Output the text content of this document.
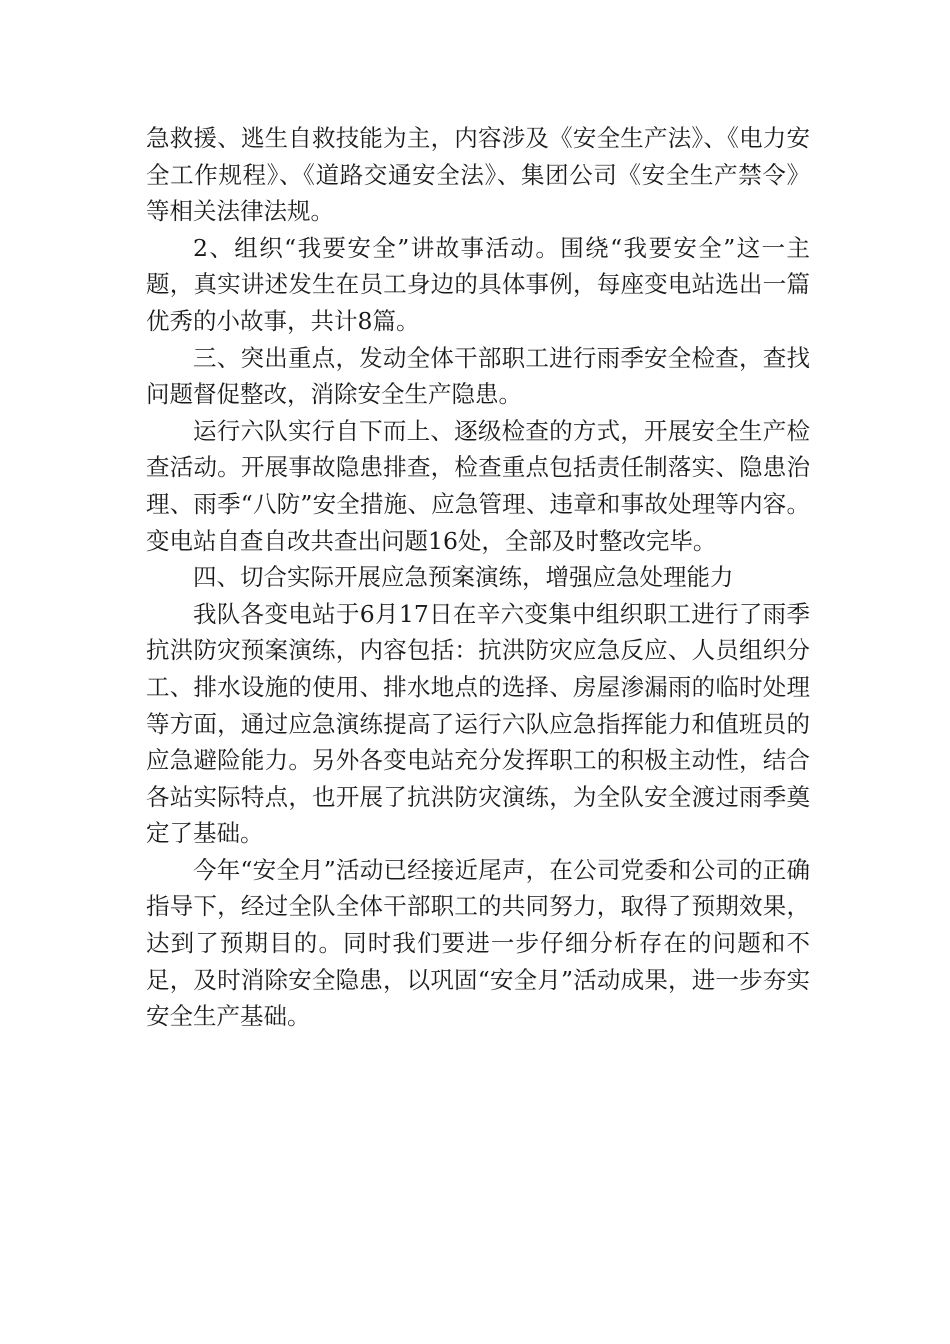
急救援、逃生自救技能为主，内容涉及《安全生产法》、《电力安全工作规程》、《道路交通安全法》、集团公司《安全生产禁令》等相关法律法规。

2、组织“我要安全”讲故事活动。围绕“我要安全”这一主题，真实讲述发生在员工身边的具体事例，每座变电站选出一篇优秀的小故事，共计8篇。

三、突出重点，发动全体干部职工进行雨季安全检查，查找问题督促整改，消除安全生产隐患。

运行六队实行自下而上、逐级检查的方式，开展安全生产检查活动。开展事故隐患排查，检查重点包括责任制落实、隐患治理、雨季“八防”安全措施、应急管理、违章和事故处理等内容。变电站自查自改共查出问题16处，全部及时整改完毕。

四、切合实际开展应急预案演练，增强应急处理能力

我队各变电站于6月17日在辛六变集中组织职工进行了雨季抗洪防灾预案演练，内容包括：抗洪防灾应急反应、人员组织分工、排水设施的使用、排水地点的选择、房屋渗漏雨的临时处理等方面，通过应急演练提高了运行六队应急指挥能力和值班员的应急避险能力。另外各变电站充分发挥职工的积极主动性，结合各站实际特点，也开展了抗洪防灾演练，为全队安全渡过雨季奠定了基础。

今年“安全月”活动已经接近尾声，在公司党委和公司的正确指导下，经过全队全体干部职工的共同努力，取得了预期效果，达到了预期目的。同时我们要进一步仔细分析存在的问题和不足，及时消除安全隐患，以巩固“安全月”活动成果，进一步夯实安全生产基础。
